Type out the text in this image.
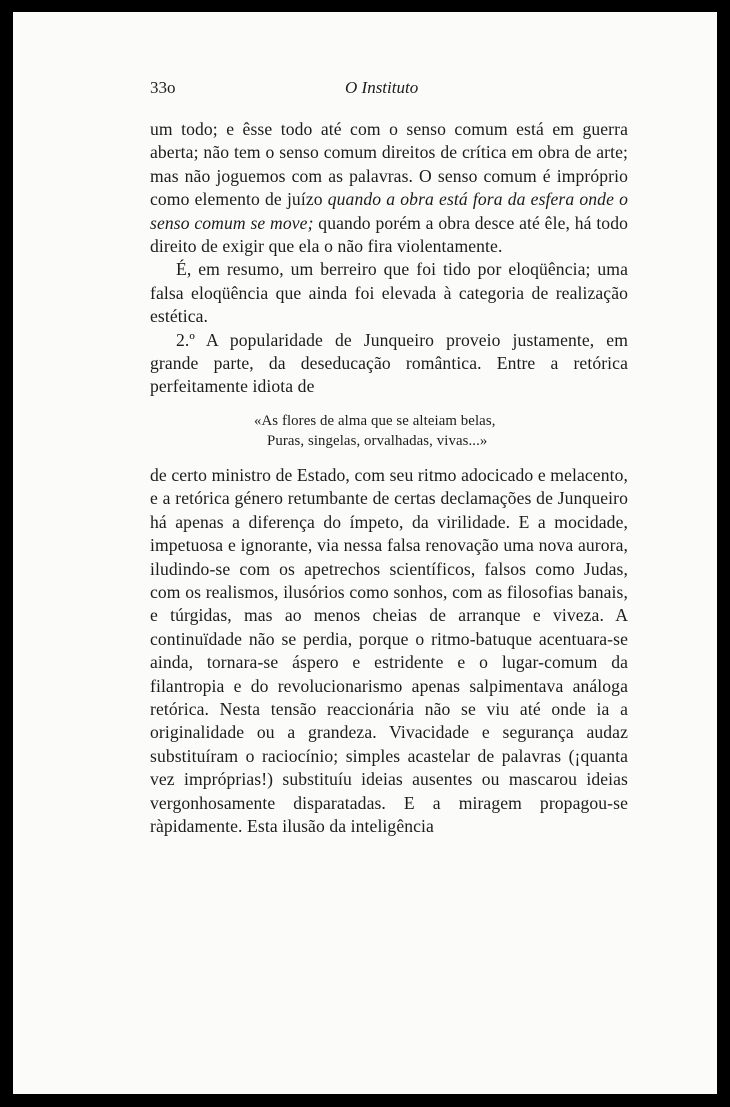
33o	O Instituto

um todo; e êsse todo até com o senso comum está em guerra aberta; não tem o senso comum direitos de crítica em obra de arte; mas não joguemos com as palavras. O senso comum é impróprio como elemento de juízo quando a obra está fora da esfera onde o senso comum se move; quando porém a obra desce até êle, há todo direito de exigir que ela o não fira violentamente.

É, em resumo, um berreiro que foi tido por eloqüência; uma falsa eloqüência que ainda foi elevada à categoria de realização estética.

2.º A popularidade de Junqueiro proveio justamente, em grande parte, da deseducação romântica. Entre a retórica perfeitamente idiota de

«As flores de alma que se alteiam belas,
Puras, singelas, orvalhadas, vivas...»

de certo ministro de Estado, com seu ritmo adocicado e melacento, e a retórica género retumbante de certas declamações de Junqueiro há apenas a diferença do ímpeto, da virilidade. E a mocidade, impetuosa e ignorante, via nessa falsa renovação uma nova aurora, iludindo-se com os apetrechos scientíficos, falsos como Judas, com os realismos, ilusórios como sonhos, com as filosofias banais, e túrgidas, mas ao menos cheias de arranque e viveza. A continuïdade não se perdia, porque o ritmo-batuque acentuara-se ainda, tornara-se áspero e estridente e o lugar-comum da filantropia e do revolucionarismo apenas salpimentava análoga retórica. Nesta tensão reaccionária não se viu até onde ia a originalidade ou a grandeza. Vivacidade e segurança audaz substituíram o raciocínio; simples acastelar de palavras (¡quanta vez impróprias!) substituíu ideias ausentes ou mascarou ideias vergonhosamente disparatadas. E a miragem propagou-se ràpidamente. Esta ilusão da inteligência
